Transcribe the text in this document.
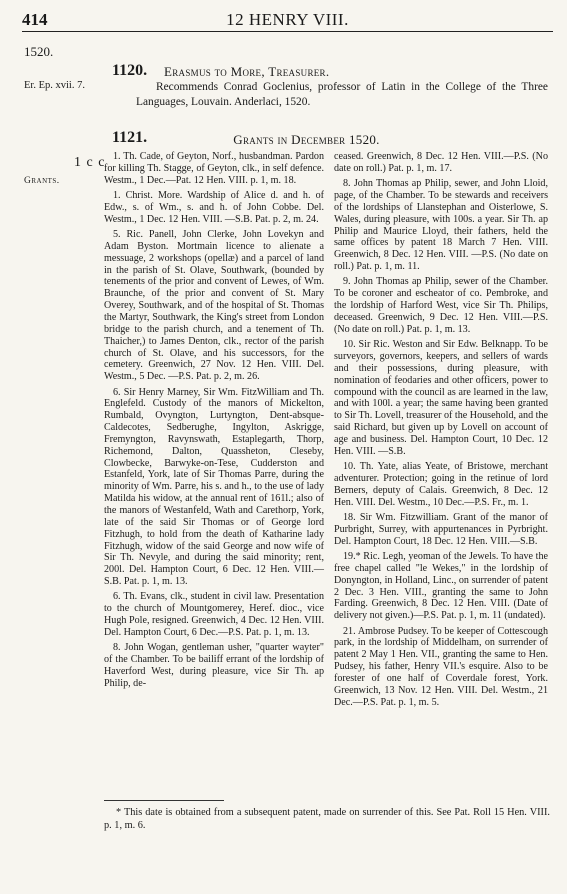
414	12 HENRY VIII.
1520.
Er. Ep. xvii. 7.
1120. Erasmus to More, Treasurer.
Recommends Conrad Goclenius, professor of Latin in the College of the Three Languages, Louvain. Anderlaci, 1520.
1121.	Grants in December 1520.
1 c c
Grants.

1. Th. Cade, of Geyton, Norf., husbandman. Pardon for killing Th. Stagge, of Geyton, clk., in self defence. Westm., 1 Dec.—Pat. 12 Hen. VIII. p. 1, m. 18.

1. Christ. More. Wardship of Alice d. and h. of Edw., s. of Wm., s. and h. of John Cobbe. Del. Westm., 1 Dec. 12 Hen. VIII. —S.B. Pat. p. 2, m. 24.

5. Ric. Panell, John Clerke, John Lovekyn and Adam Byston. Mortmain licence to alienate a messuage, 2 workshops (opellæ) and a parcel of land in the parish of St. Olave, Southwark, (bounded by tenements of the prior and convent of Lewes, of Wm. Braunche, of the prior and convent of St. Mary Overey, Southwark, and of the hospital of St. Thomas the Martyr, Southwark, the King's street from London bridge to the parish church, and a tenement of Th. Thaicher,) to James Denton, clk., rector of the parish church of St. Olave, and his successors, for the cemetery. Greenwich, 27 Nov. 12 Hen. VIII. Del. Westm., 5 Dec. —P.S. Pat. p. 2, m. 26.

6. Sir Henry Marney, Sir Wm. FitzWilliam and Th. Englefeld. Custody of the manors of Mickelton, Rumbald, Ovyngton, Lurtyngton, Dent-absque-Caldecotes, Sedberughe, Ingylton, Askrigge, Fremyngton, Ravynswath, Estaplegarth, Thorp, Richemond, Dalton, Quassheton, Cleseby, Clowbecke, Barwyke-on-Tese, Cudderston and Estanfeld, York, late of Sir Thomas Parre, during the minority of Wm. Parre, his s. and h., to the use of lady Matilda his widow, at the annual rent of 161l.; also of the manors of Westanfeld, Wath and Carethorp, York, late of the said Sir Thomas or of George lord Fitzhugh, to hold from the death of Katharine lady Fitzhugh, widow of the said George and now wife of Sir Th. Nevyle, and during the said minority; rent, 200l. Del. Hampton Court, 6 Dec. 12 Hen. VIII.—S.B. Pat. p. 1, m. 13.

6. Th. Evans, clk., student in civil law. Presentation to the church of Mountgomerey, Heref. dioc., vice Hugh Pole, resigned. Greenwich, 4 Dec. 12 Hen. VIII. Del. Hampton Court, 6 Dec.—P.S. Pat. p. 1, m. 13.

8. John Wogan, gentleman usher, "quarter wayter" of the Chamber. To be bailiff errant of the lordship of Haverford West, during pleasure, vice Sir Th. ap Philip, de-

ceased. Greenwich, 8 Dec. 12 Hen. VIII.—P.S. (No date on roll.) Pat. p. 1, m. 17.

8. John Thomas ap Philip, sewer, and John Lloid, page, of the Chamber. To be stewards and receivers of the lordships of Llanstephan and Oisterlowe, S. Wales, during pleasure, with 100s. a year. Sir Th. ap Philip and Maurice Lloyd, their fathers, held the same offices by patent 18 March 7 Hen. VIII. Greenwich, 8 Dec. 12 Hen. VIII. —P.S. (No date on roll.) Pat. p. 1, m. 11.

9. John Thomas ap Philip, sewer of the Chamber. To be coroner and escheator of co. Pembroke, and the lordship of Harford West, vice Sir Th. Philips, deceased. Greenwich, 9 Dec. 12 Hen. VIII.—P.S. (No date on roll.) Pat. p. 1, m. 13.

10. Sir Ric. Weston and Sir Edw. Belknapp. To be surveyors, governors, keepers, and sellers of wards and their possessions, during pleasure, with nomination of feodaries and other officers, power to compound with the council as are learned in the law, and with 100l. a year; the same having been granted to Sir Th. Lovell, treasurer of the Household, and the said Richard, but given up by Lovell on account of age and business. Del. Hampton Court, 10 Dec. 12 Hen. VIII. —S.B.

10. Th. Yate, alias Yeate, of Bristowe, merchant adventurer. Protection; going in the retinue of lord Berners, deputy of Calais. Greenwich, 8 Dec. 12 Hen. VIII. Del. Westm., 10 Dec.—P.S. Fr., m. 1.

18. Sir Wm. Fitzwilliam. Grant of the manor of Purbright, Surrey, with appurtenances in Pyrbright. Del. Hampton Court, 18 Dec. 12 Hen. VIII.—S.B.

19.* Ric. Legh, yeoman of the Jewels. To have the free chapel called "le Wekes," in the lordship of Donyngton, in Holland, Linc., on surrender of patent 2 Dec. 3 Hen. VIII., granting the same to John Farding. Greenwich, 8 Dec. 12 Hen. VIII. (Date of delivery not given.)—P.S. Pat. p. 1, m. 11 (undated).

21. Ambrose Pudsey. To be keeper of Cottescough park, in the lordship of Middelham, on surrender of patent 2 May 1 Hen. VII., granting the same to Hen. Pudsey, his father, Henry VII.'s esquire. Also to be forester of one half of Coverdale forest, York. Greenwich, 13 Nov. 12 Hen. VIII. Del. Westm., 21 Dec.—P.S. Pat. p. 1, m. 5.

* This date is obtained from a subsequent patent, made on surrender of this. See Pat. Roll 15 Hen. VIII. p. 1, m. 6.
